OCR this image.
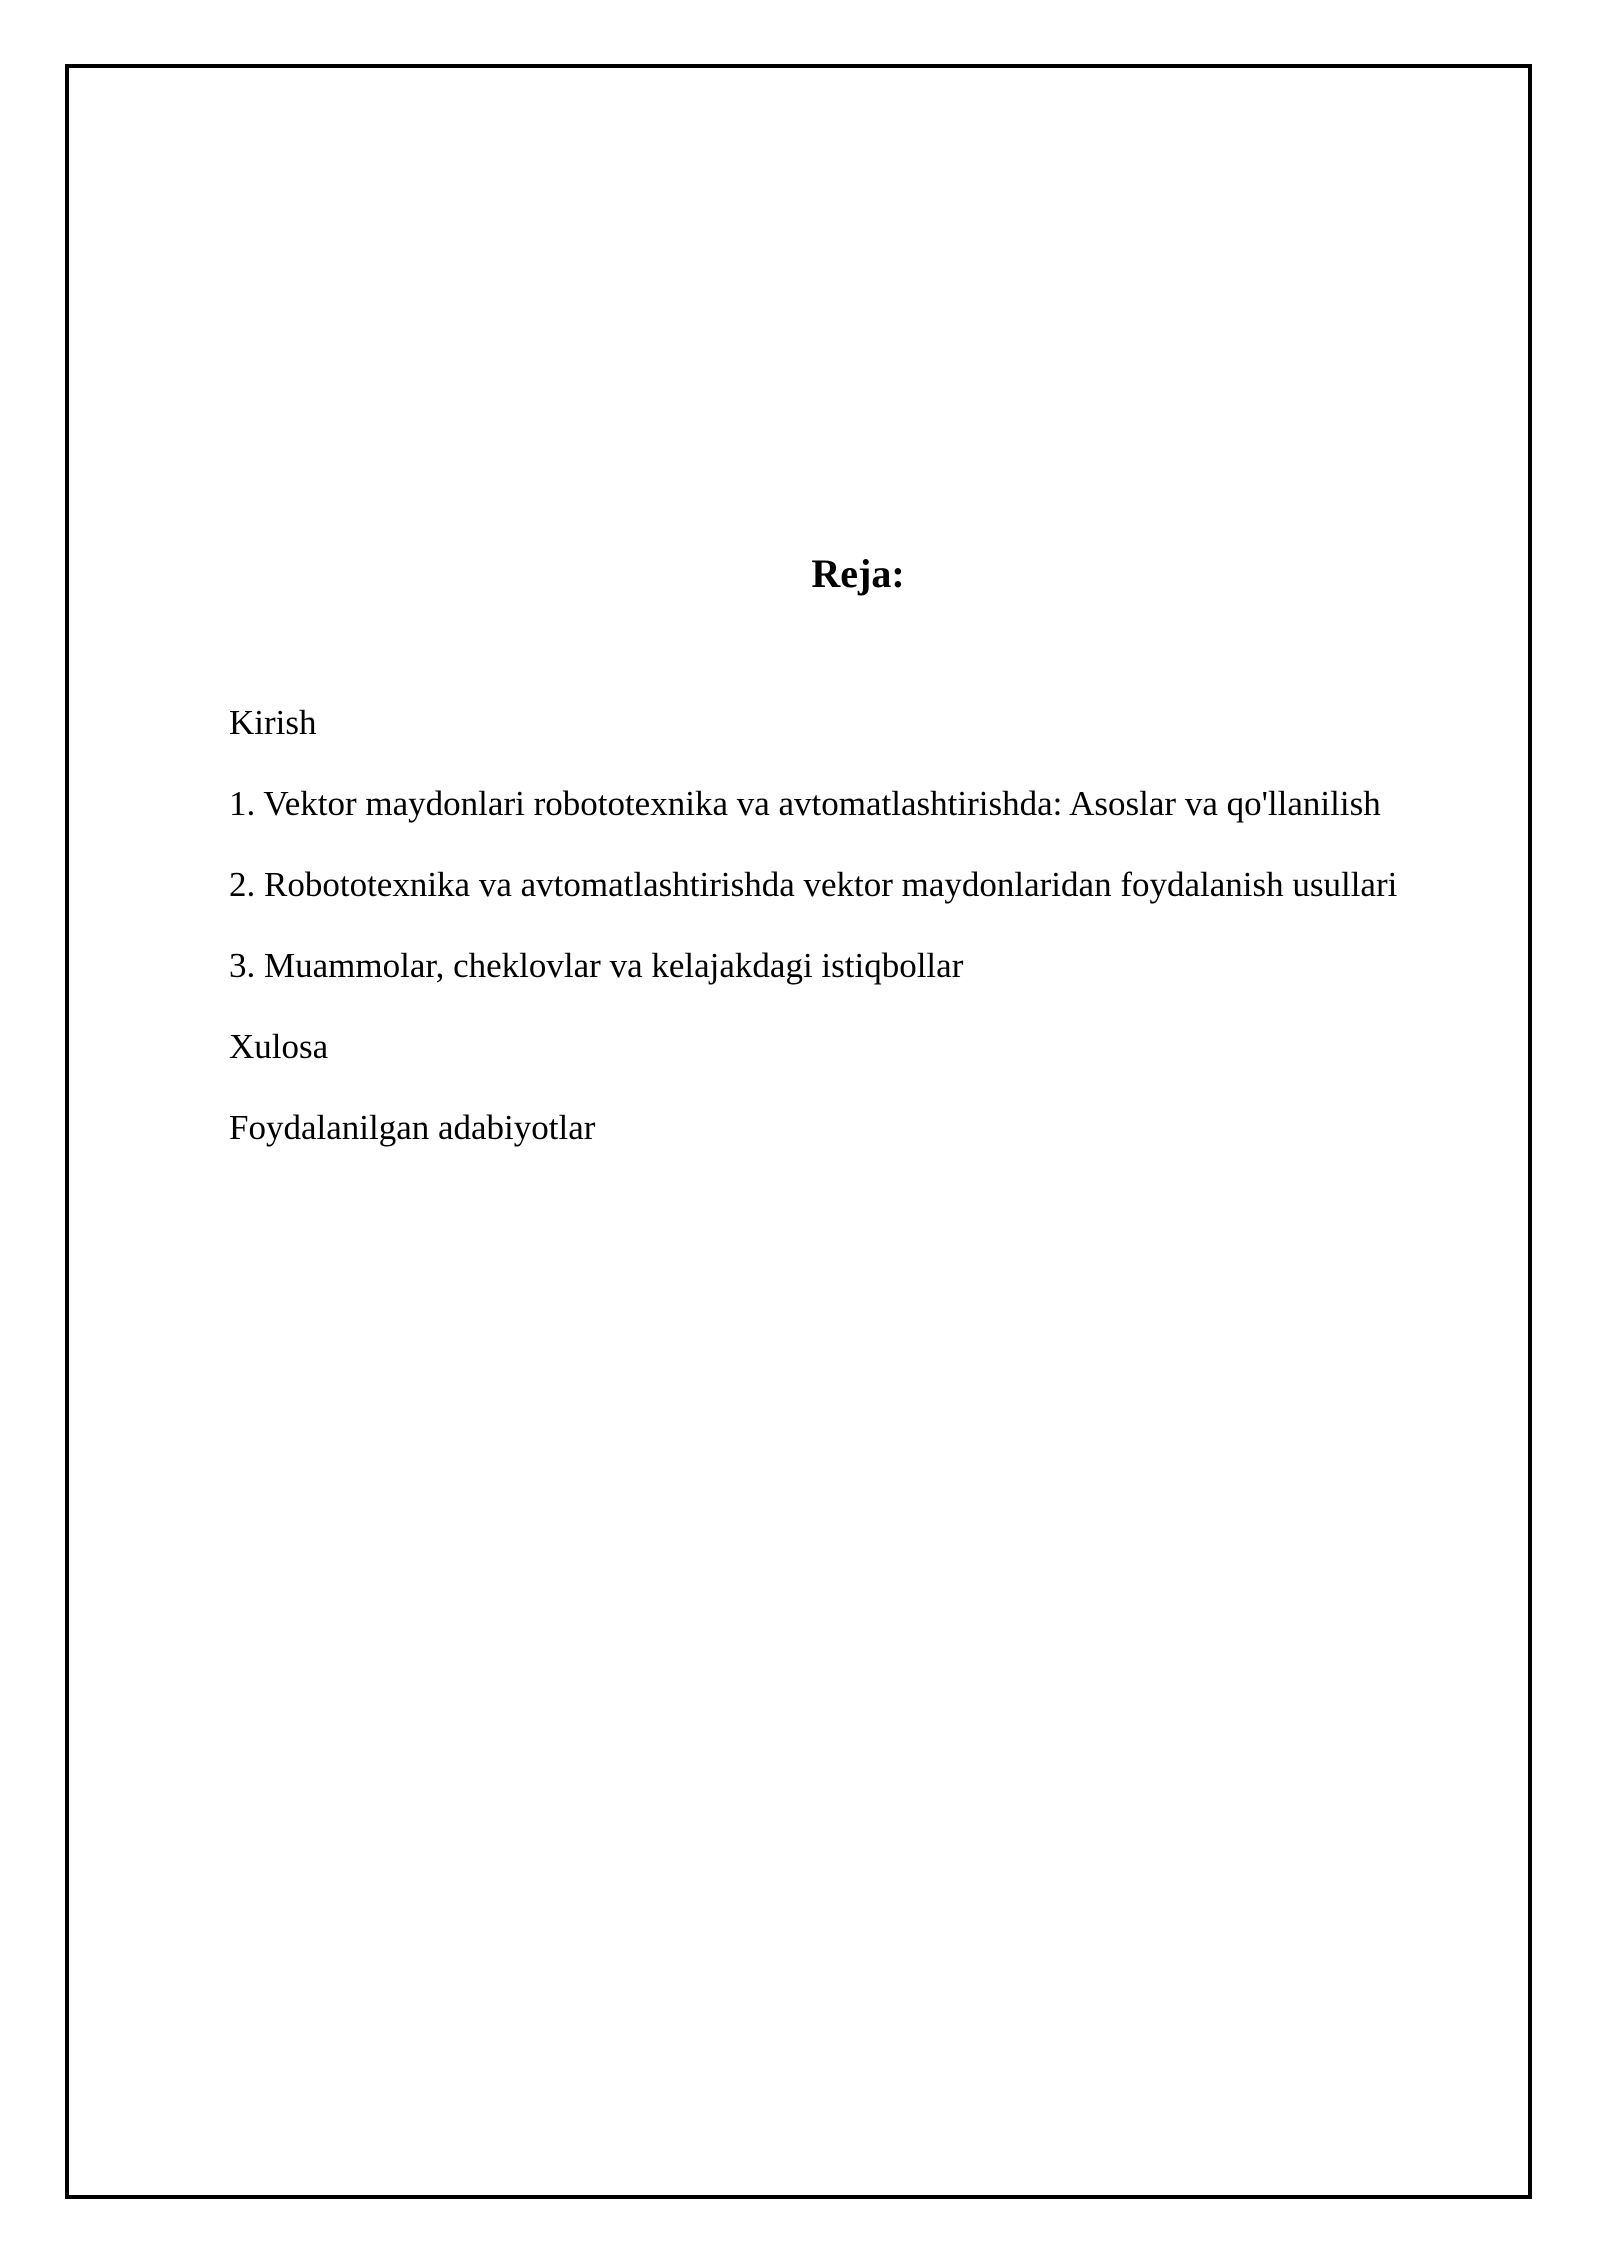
Reja:
Kirish
1. Vektor maydonlari robototexnika va avtomatlashtirishda: Asoslar va qo'llanilish
2. Robototexnika va avtomatlashtirishda vektor maydonlaridan foydalanish usullari
3. Muammolar, cheklovlar va kelajakdagi istiqbollar
Xulosa
Foydalanilgan adabiyotlar
